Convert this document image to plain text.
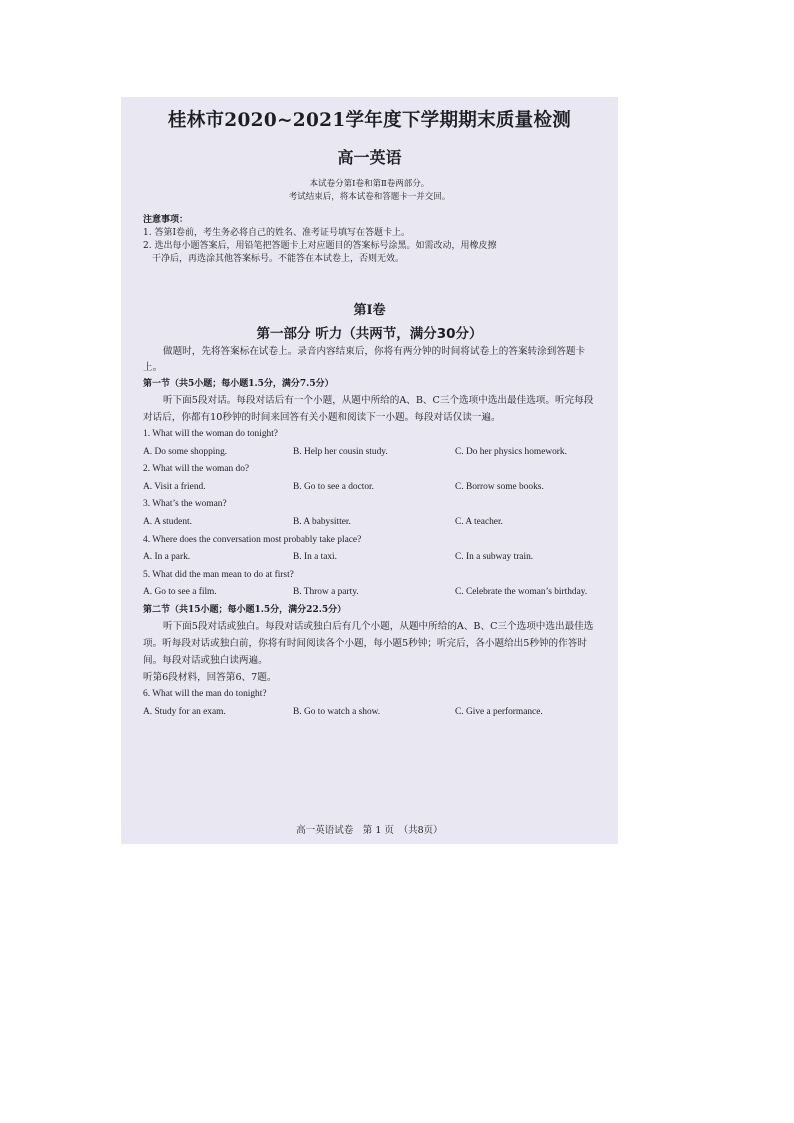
桂林市2020~2021学年度下学期期末质量检测
高一英语
本试卷分第Ⅰ卷和第Ⅱ卷两部分。
考试结束后，将本试卷和答题卡一并交回。
注意事项：
1. 答第Ⅰ卷前，考生务必将自己的姓名、准考证号填写在答题卡上。
2. 选出每小题答案后，用铅笔把答题卡上对应题目的答案标号涂黑。如需改动，用橡皮擦
干净后，再选涂其他答案标号。不能答在本试卷上，否则无效。
第Ⅰ卷
第一部分 听力（共两节，满分30分）
做题时，先将答案标在试卷上。录音内容结束后，你将有两分钟的时间将试卷上的答案转涂到答题卡上。
第一节（共5小题；每小题1.5分，满分7.5分）
听下面5段对话。每段对话后有一个小题，从题中所给的A、B、C三个选项中选出最佳选项。听完每段对话后，你都有10秒钟的时间来回答有关小题和阅读下一小题。每段对话仅读一遍。
1. What will the woman do tonight?
A. Do some shopping.	B. Help her cousin study.	C. Do her physics homework.
2. What will the woman do?
A. Visit a friend.	B. Go to see a doctor.	C. Borrow some books.
3. What’s the woman?
A. A student.	B. A babysitter.	C. A teacher.
4. Where does the conversation most probably take place?
A. In a park.	B. In a taxi.	C. In a subway train.
5. What did the man mean to do at first?
A. Go to see a film.	B. Throw a party.	C. Celebrate the woman’s birthday.
第二节（共15小题；每小题1.5分，满分22.5分）
听下面5段对话或独白。每段对话或独白后有几个小题，从题中所给的A、B、C三个选项中选出最佳选项。听每段对话或独白前，你将有时间阅读各个小题，每小题5秒钟；听完后，各小题给出5秒钟的作答时间。每段对话或独白读两遍。
听第6段材料，回答第6、7题。
6. What will the man do tonight?
A. Study for an exam.	B. Go to watch a show.	C. Give a performance.
高一英语试卷　第 1 页　（共8页）
